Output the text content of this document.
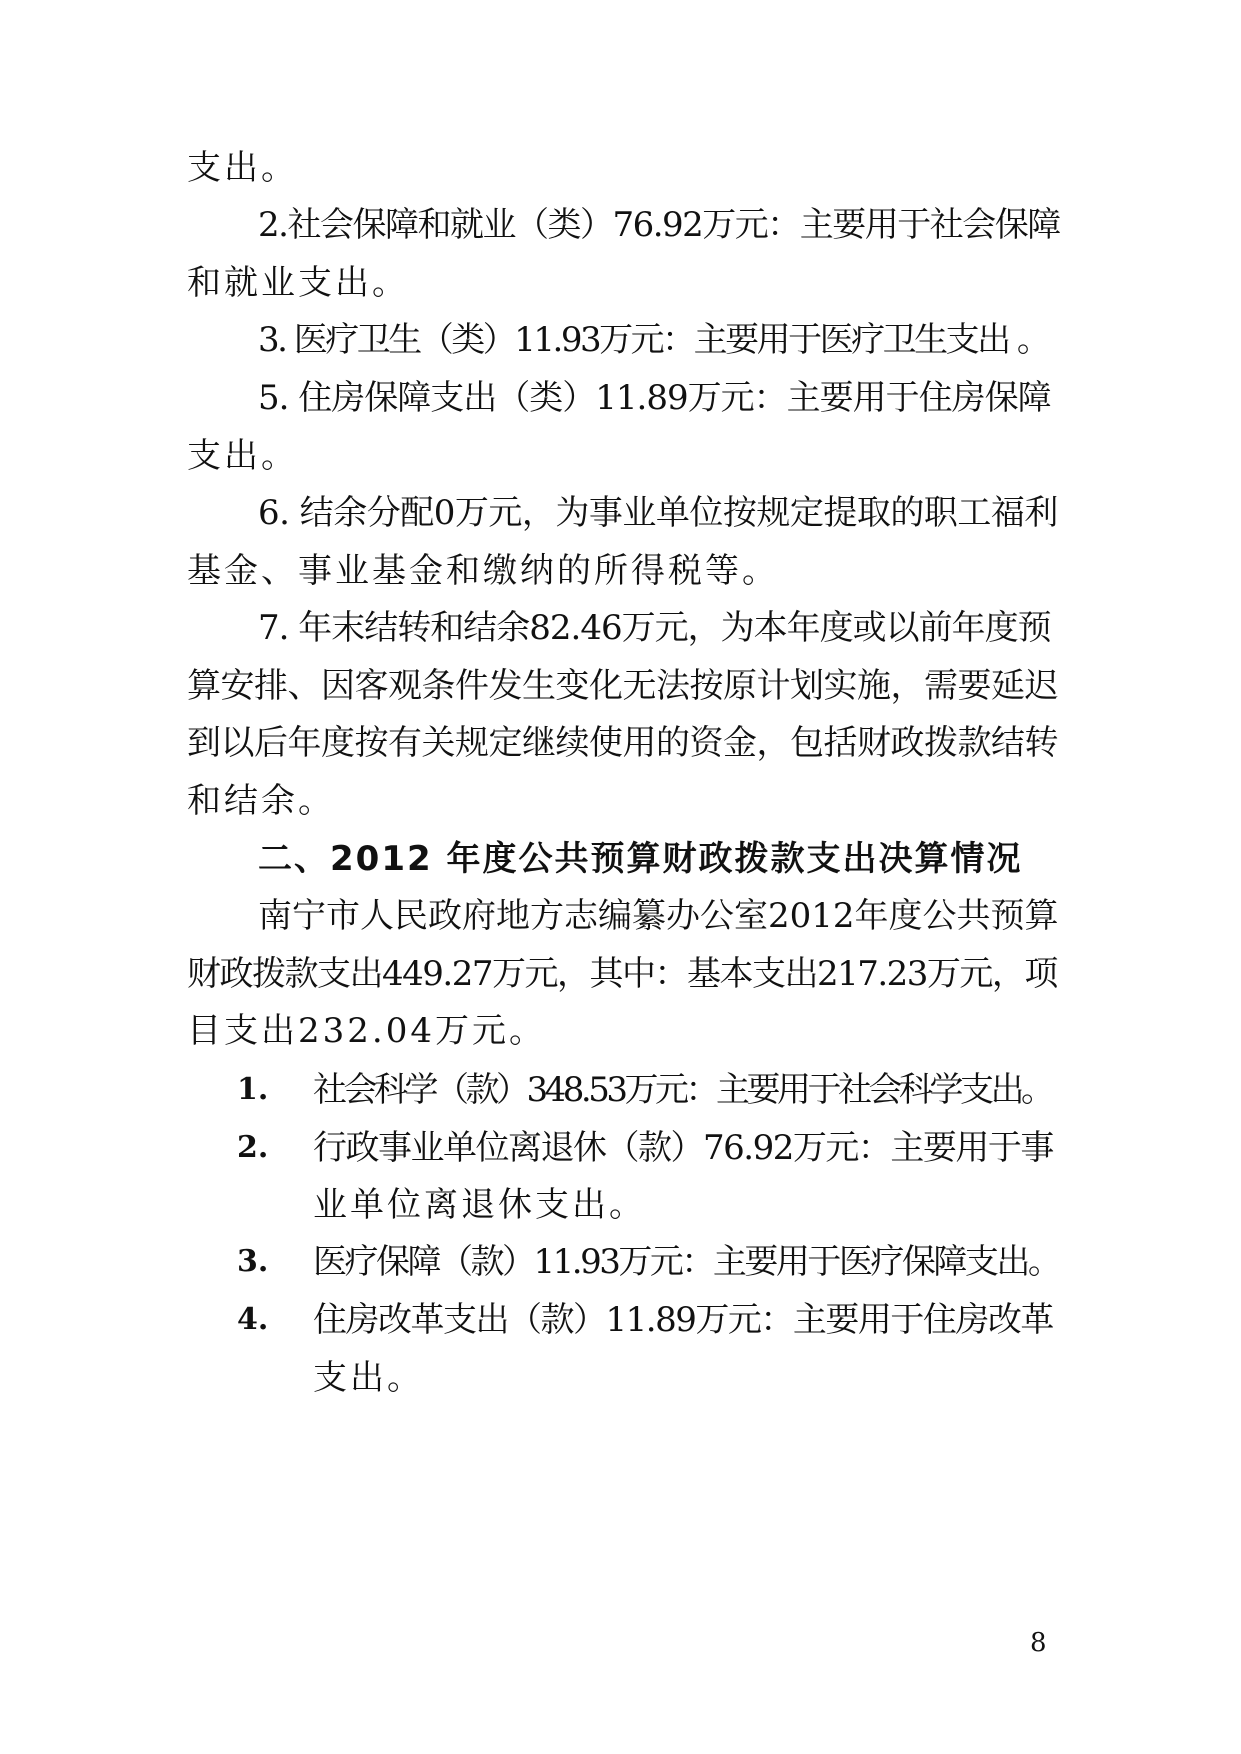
支出。
2.社会保障和就业（类）76.92万元：主要用于社会保障
和就业支出。
3. 医疗卫生（类）11.93万元：主要用于医疗卫生支出 。
5. 住房保障支出（类）11.89万元：主要用于住房保障
支出。
6. 结余分配0万元，为事业单位按规定提取的职工福利
基金、事业基金和缴纳的所得税等。
7. 年末结转和结余82.46万元，为本年度或以前年度预
算安排、因客观条件发生变化无法按原计划实施，需要延迟
到以后年度按有关规定继续使用的资金，包括财政拨款结转
和结余。
二、2012 年度公共预算财政拨款支出决算情况
南宁市人民政府地方志编纂办公室2012年度公共预算
财政拨款支出449.27万元，其中：基本支出217.23万元，项
目支出232.04万元。
1. 社会科学（款）348.53万元：主要用于社会科学支出。
2. 行政事业单位离退休（款）76.92万元：主要用于事
业单位离退休支出。
3. 医疗保障（款）11.93万元：主要用于医疗保障支出。
4. 住房改革支出（款）11.89万元：主要用于住房改革
支出。
8
